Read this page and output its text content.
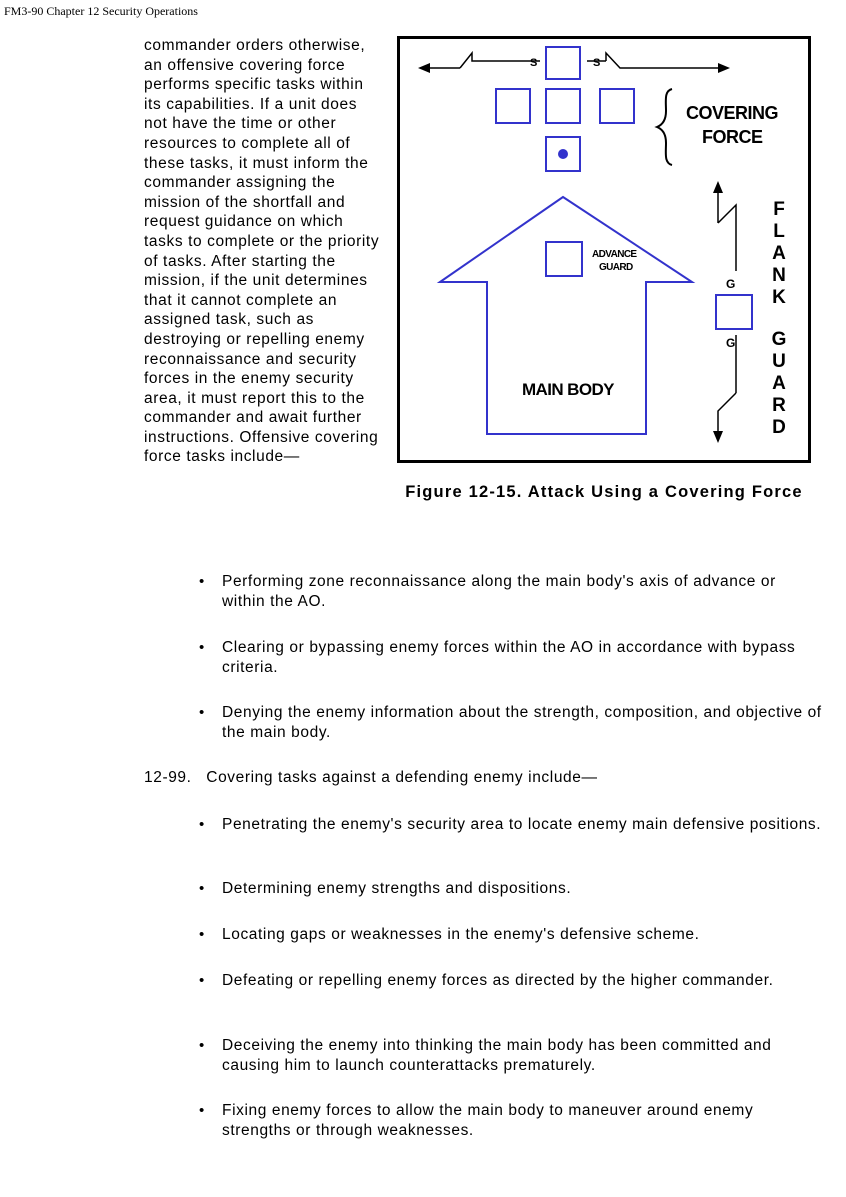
FM3-90 Chapter 12 Security Operations

commander orders otherwise, an offensive covering force performs specific tasks within its capabilities. If a unit does not have the time or other resources to complete all of these tasks, it must inform the commander assigning the mission of the shortfall and request guidance on which tasks to complete or the priority of tasks. After starting the mission, if the unit determines that it cannot complete an assigned task, such as destroying or repelling enemy reconnaissance and security forces in the enemy security area, it must report this to the commander and await further instructions. Offensive covering force tasks include—

S	S
COVERING
FORCE
ADVANCE
GUARD
MAIN BODY
G
G
F
L
A
N
K
G
U
A
R
D
Figure 12-15. Attack Using a Covering Force
• Performing zone reconnaissance along the main body's axis of advance or within the AO.
• Clearing or bypassing enemy forces within the AO in accordance with bypass criteria.
• Denying the enemy information about the strength, composition, and objective of the main body.

12-99. Covering tasks against a defending enemy include—

• Penetrating the enemy's security area to locate enemy main defensive positions.
• Determining enemy strengths and dispositions.
• Locating gaps or weaknesses in the enemy's defensive scheme.
• Defeating or repelling enemy forces as directed by the higher commander.
• Deceiving the enemy into thinking the main body has been committed and causing him to launch counterattacks prematurely.
• Fixing enemy forces to allow the main body to maneuver around enemy strengths or through weaknesses.
